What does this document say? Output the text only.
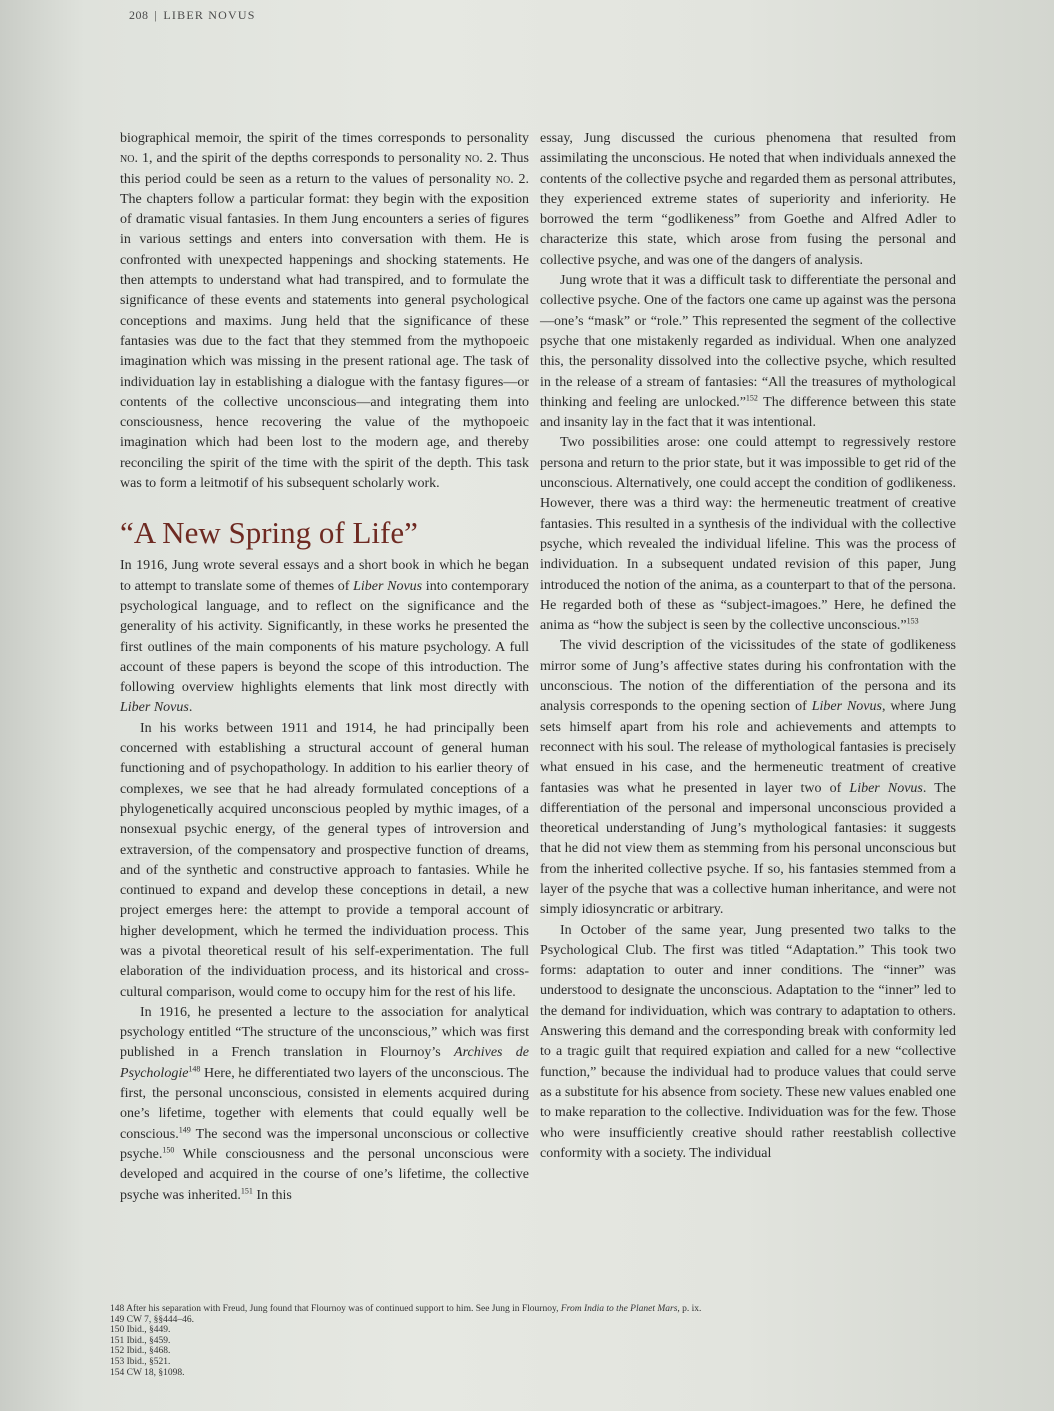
208 | LIBER NOVUS

biographical memoir, the spirit of the times corresponds to personality no. 1, and the spirit of the depths corresponds to personality no. 2. Thus this period could be seen as a return to the values of personality no. 2. The chapters follow a particular format: they begin with the exposition of dramatic visual fantasies. In them Jung encounters a series of figures in various settings and enters into conversation with them. He is confronted with unexpected happenings and shocking statements. He then attempts to understand what had transpired, and to formulate the significance of these events and statements into general psychological conceptions and maxims. Jung held that the significance of these fantasies was due to the fact that they stemmed from the mythopoeic imagination which was missing in the present rational age. The task of individuation lay in establishing a dialogue with the fantasy figures—or contents of the collective unconscious—and integrating them into consciousness, hence recovering the value of the mythopoeic imagination which had been lost to the modern age, and thereby reconciling the spirit of the time with the spirit of the depth. This task was to form a leitmotif of his subsequent scholarly work.

“A New Spring of Life”

In 1916, Jung wrote several essays and a short book in which he began to attempt to translate some of themes of Liber Novus into contemporary psychological language, and to reflect on the significance and the generality of his activity. Significantly, in these works he presented the first outlines of the main components of his mature psychology. A full account of these papers is beyond the scope of this introduction. The following overview highlights elements that link most directly with Liber Novus.

In his works between 1911 and 1914, he had principally been concerned with establishing a structural account of general human functioning and of psychopathology. In addition to his earlier theory of complexes, we see that he had already formulated conceptions of a phylogenetically acquired unconscious peopled by mythic images, of a nonsexual psychic energy, of the general types of introversion and extraversion, of the compensatory and prospective function of dreams, and of the synthetic and constructive approach to fantasies. While he continued to expand and develop these conceptions in detail, a new project emerges here: the attempt to provide a temporal account of higher development, which he termed the individuation process. This was a pivotal theoretical result of his self-experimentation. The full elaboration of the individuation process, and its historical and cross-cultural comparison, would come to occupy him for the rest of his life.

In 1916, he presented a lecture to the association for analytical psychology entitled “The structure of the unconscious,” which was first published in a French translation in Flournoy’s Archives de Psychologie$^{148}$ Here, he differentiated two layers of the unconscious. The first, the personal unconscious, consisted in elements acquired during one’s lifetime, together with elements that could equally well be conscious.$^{149}$ The second was the impersonal unconscious or collective psyche.$^{150}$ While consciousness and the personal unconscious were developed and acquired in the course of one’s lifetime, the collective psyche was inherited.$^{151}$ In this

essay, Jung discussed the curious phenomena that resulted from assimilating the unconscious. He noted that when individuals annexed the contents of the collective psyche and regarded them as personal attributes, they experienced extreme states of superiority and inferiority. He borrowed the term “godlikeness” from Goethe and Alfred Adler to characterize this state, which arose from fusing the personal and collective psyche, and was one of the dangers of analysis.

Jung wrote that it was a difficult task to differentiate the personal and collective psyche. One of the factors one came up against was the persona—one’s “mask” or “role.” This represented the segment of the collective psyche that one mistakenly regarded as individual. When one analyzed this, the personality dissolved into the collective psyche, which resulted in the release of a stream of fantasies: “All the treasures of mythological thinking and feeling are unlocked.”$^{152}$ The difference between this state and insanity lay in the fact that it was intentional.

Two possibilities arose: one could attempt to regressively restore persona and return to the prior state, but it was impossible to get rid of the unconscious. Alternatively, one could accept the condition of godlikeness. However, there was a third way: the hermeneutic treatment of creative fantasies. This resulted in a synthesis of the individual with the collective psyche, which revealed the individual lifeline. This was the process of individuation. In a subsequent undated revision of this paper, Jung introduced the notion of the anima, as a counterpart to that of the persona. He regarded both of these as “subject-imagoes.” Here, he defined the anima as “how the subject is seen by the collective unconscious.”$^{153}$

The vivid description of the vicissitudes of the state of godlikeness mirror some of Jung’s affective states during his confrontation with the unconscious. The notion of the differentiation of the persona and its analysis corresponds to the opening section of Liber Novus, where Jung sets himself apart from his role and achievements and attempts to reconnect with his soul. The release of mythological fantasies is precisely what ensued in his case, and the hermeneutic treatment of creative fantasies was what he presented in layer two of Liber Novus. The differentiation of the personal and impersonal unconscious provided a theoretical understanding of Jung’s mythological fantasies: it suggests that he did not view them as stemming from his personal unconscious but from the inherited collective psyche. If so, his fantasies stemmed from a layer of the psyche that was a collective human inheritance, and were not simply idiosyncratic or arbitrary.

In October of the same year, Jung presented two talks to the Psychological Club. The first was titled “Adaptation.” This took two forms: adaptation to outer and inner conditions. The “inner” was understood to designate the unconscious. Adaptation to the “inner” led to the demand for individuation, which was contrary to adaptation to others. Answering this demand and the corresponding break with conformity led to a tragic guilt that required expiation and called for a new “collective function,” because the individual had to produce values that could serve as a substitute for his absence from society. These new values enabled one to make reparation to the collective. Individuation was for the few. Those who were insufficiently creative should rather reestablish collective conformity with a society. The individual

148 After his separation with Freud, Jung found that Flournoy was of continued support to him. See Jung in Flournoy, From India to the Planet Mars, p. ix.
149 CW 7, §§444–46.
150 Ibid., §449.
151 Ibid., §459.
152 Ibid., §468.
153 Ibid., §521.
154 CW 18, §1098.
